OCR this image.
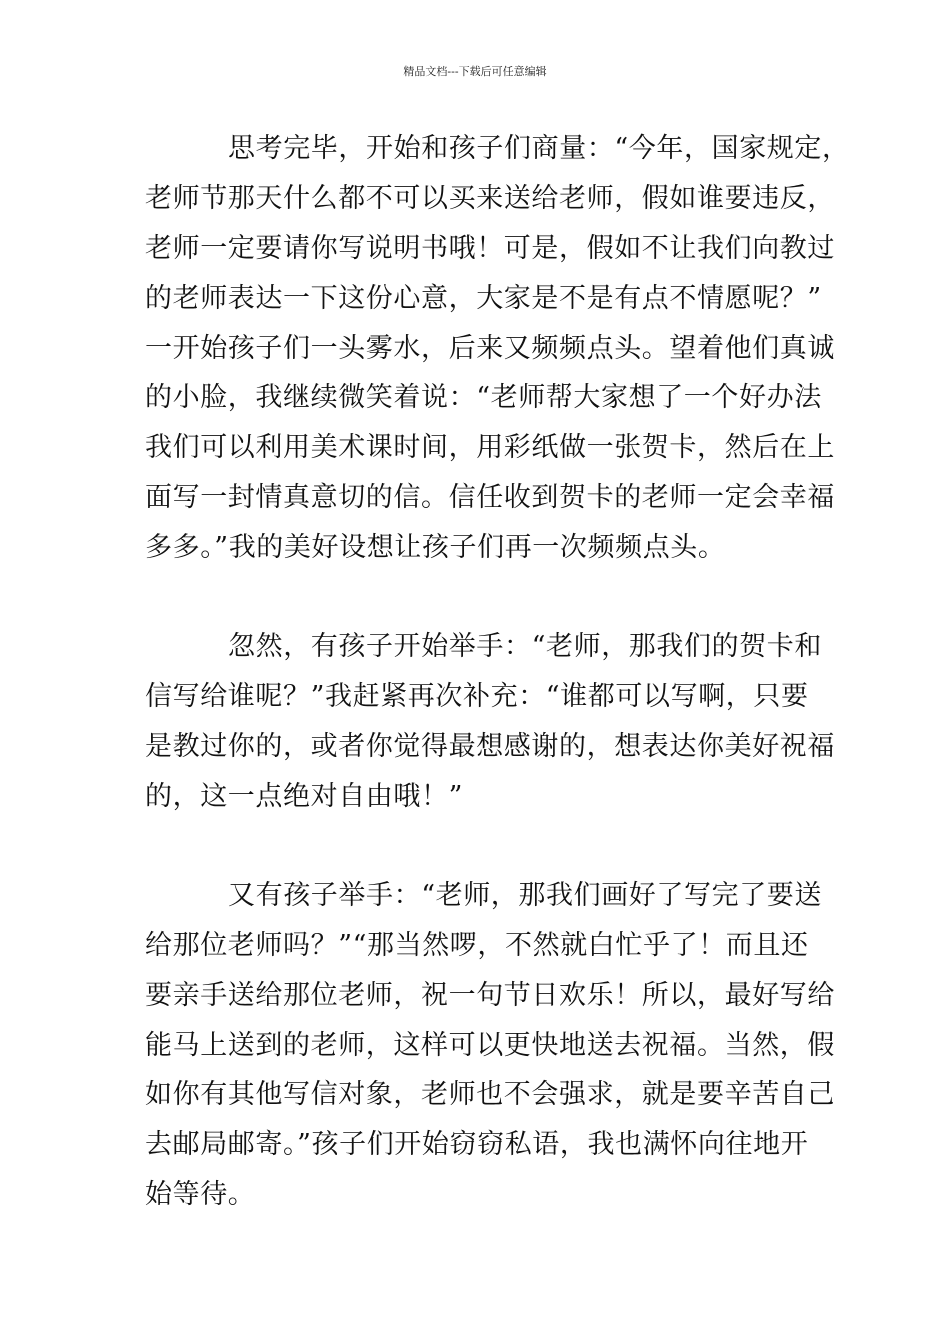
精品文档---下载后可任意编辑
思考完毕，开始和孩子们商量：“今年，国家规定，
老师节那天什么都不可以买来送给老师，假如谁要违反，
老师一定要请你写说明书哦！可是，假如不让我们向教过
的老师表达一下这份心意，大家是不是有点不情愿呢？”
一开始孩子们一头雾水，后来又频频点头。望着他们真诚
的小脸，我继续微笑着说：“老师帮大家想了一个好办法
我们可以利用美术课时间，用彩纸做一张贺卡，然后在上
面写一封情真意切的信。信任收到贺卡的老师一定会幸福
多多。”我的美好设想让孩子们再一次频频点头。
忽然，有孩子开始举手：“老师，那我们的贺卡和
信写给谁呢？”我赶紧再次补充：“谁都可以写啊，只要
是教过你的，或者你觉得最想感谢的，想表达你美好祝福
的，这一点绝对自由哦！”
又有孩子举手：“老师，那我们画好了写完了要送
给那位老师吗？”“那当然啰，不然就白忙乎了！而且还
要亲手送给那位老师，祝一句节日欢乐！所以，最好写给
能马上送到的老师，这样可以更快地送去祝福。当然，假
如你有其他写信对象，老师也不会强求，就是要辛苦自己
去邮局邮寄。”孩子们开始窃窃私语，我也满怀向往地开
始等待。
